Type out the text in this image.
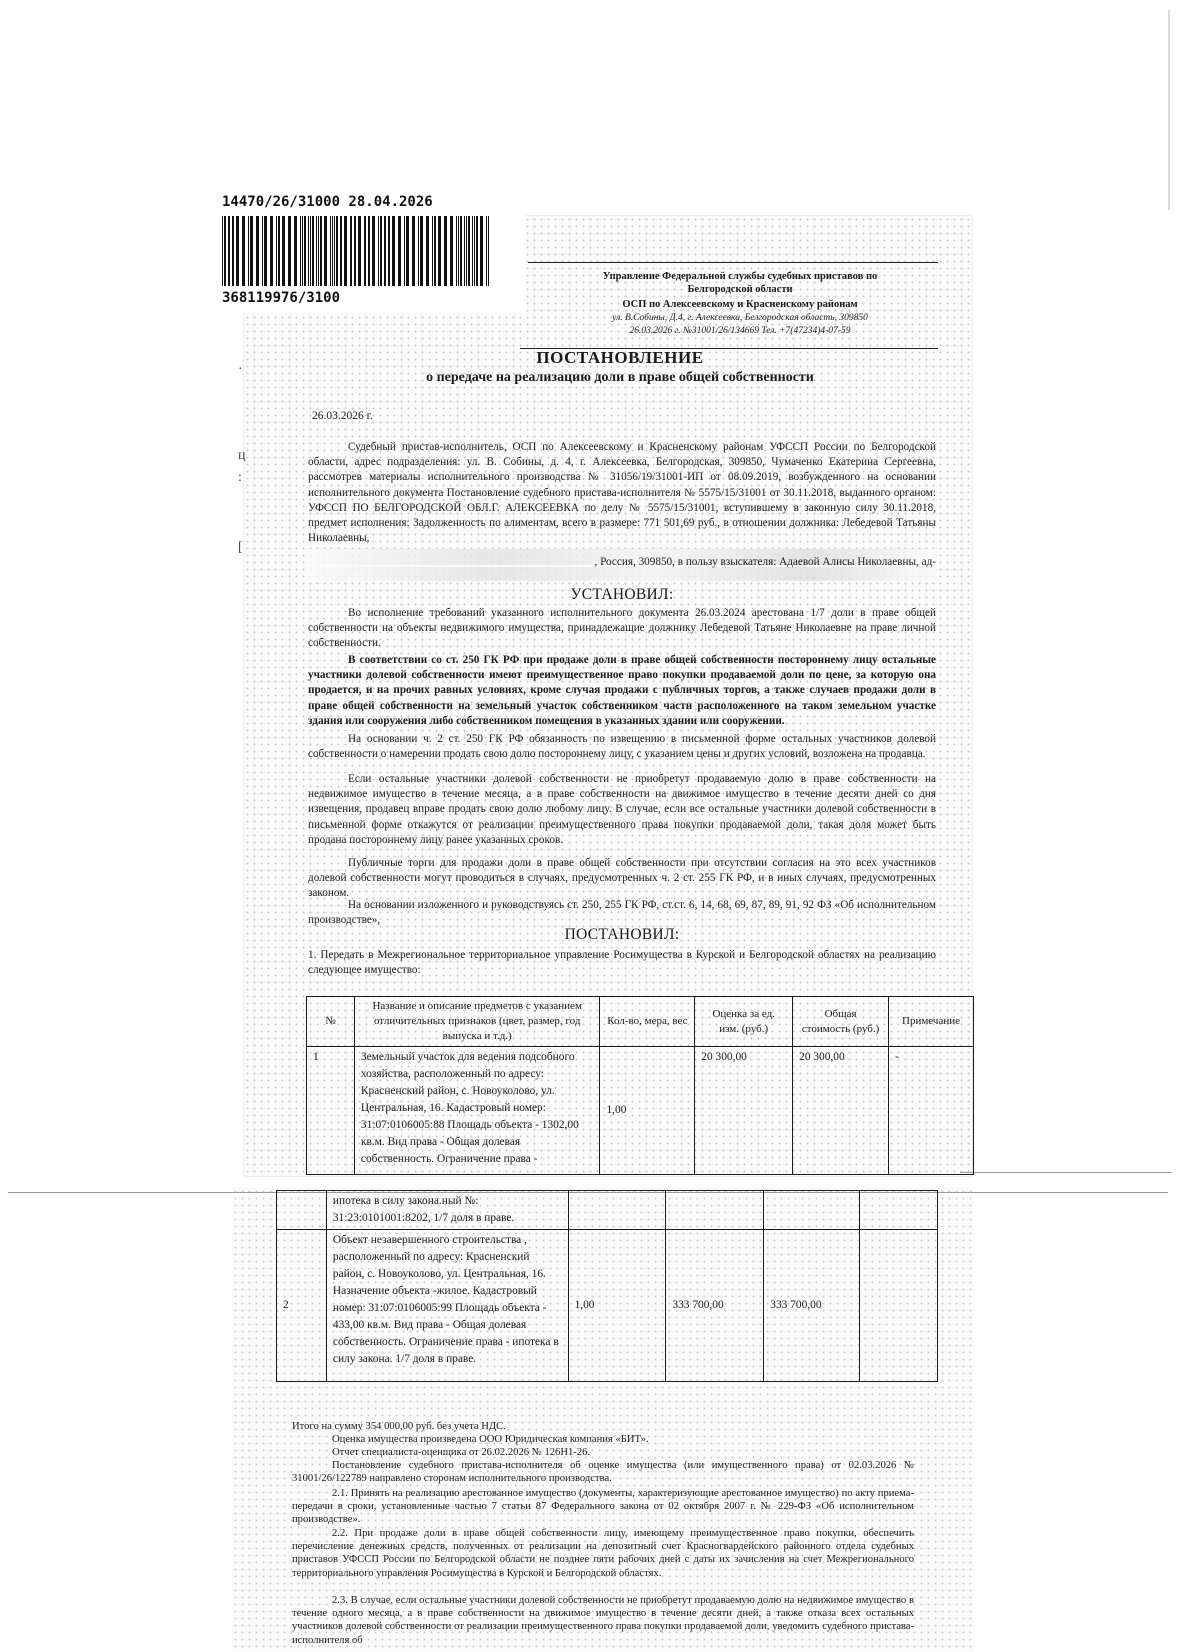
ц
:
[
·
14470/26/31000 28.04.2026
368119976/3100
Управление Федеральной службы судебных приставов по
Белгородской области
ОСП по Алексеевскому и Красненскому районам
ул. В.Собины, Д.4, г. Алексеевка, Белгородская область, 309850
26.03.2026 г. №31001/26/134669 Тел. +7(47234)4-07-59
ПОСТАНОВЛЕНИЕ
о передаче на реализацию доли в праве общей собственности
26.03.2026 г.

Судебный пристав-исполнитель, ОСП по Алексеевскому и Красненскому районам УФССП России по Белгородской области, адрес подразделения: ул. В. Собины, д. 4, г. Алексеевка, Белгородская, 309850, Чумаченко Екатерина Сергеевна, рассмотрев материалы исполнительного производства № 31056/19/31001-ИП от 08.09.2019, возбужденного на основании исполнительного документа Постановление судебного пристава-исполнителя № 5575/15/31001 от 30.11.2018, выданного органом: УФССП ПО БЕЛГОРОДСКОЙ ОБЛ.Г. АЛЕКСЕЕВКА по делу № 5575/15/31001, вступившему в законную силу 30.11.2018, предмет исполнения: Задолженность по алиментам, всего в размере: 771 501,69 руб., в отношении должника: Лебедевой Татьяны Николаевны,

, Россия, 309850, в пользу взыскателя: Адаевой Алисы Николаевны, ад-

УСТАНОВИЛ:

Во исполнение требований указанного исполнительного документа 26.03.2024 арестована 1/7 доли в праве общей собственности на объекты недвижимого имущества, принадлежащие должнику Лебедевой Татьяне Николаевне на праве личной собственности.

В соответствии со ст. 250 ГК РФ при продаже доли в праве общей собственности постороннему лицу остальные участники долевой собственности имеют преимущественное право покупки продаваемой доли по цене, за которую она продается, и на прочих равных условиях, кроме случая продажи с публичных торгов, а также случаев продажи доли в праве общей собственности на земельный участок собственником части расположенного на таком земельном участке здания или сооружения либо собственником помещения в указанных здании или сооружении.

На основании ч. 2 ст. 250 ГК РФ обязанность по извещению в письменной форме остальных участников долевой собственности о намерении продать свою долю постороннему лицу, с указанием цены и других условий, возложена на продавца.

Если остальные участники долевой собственности не приобретут продаваемую долю в праве собственности на недвижимое имущество в течение месяца, а в праве собственности на движимое имущество в течение десяти дней со дня извещения, продавец вправе продать свою долю любому лицу. В случае, если все остальные участники долевой собственности в письменной форме откажутся от реализации преимущественного права покупки продаваемой доли, такая доля может быть продана постороннему лицу ранее указанных сроков.

Публичные торги для продажи доли в праве общей собственности при отсутствии согласия на это всех участников долевой собственности могут проводиться в случаях, предусмотренных ч. 2 ст. 255 ГК РФ, и в иных случаях, предусмотренных законом.

На основании изложенного и руководствуясь ст. 250, 255 ГК РФ, ст.ст. 6, 14, 68, 69, 87, 89, 91, 92 ФЗ «Об исполнительном производстве»,

ПОСТАНОВИЛ:

1. Передать в Межрегиональное территориальное управление Росимущества в Курской и Белгородской областях на реализацию следующее имущество:

№	Название и описание предметов с указанием отличительных признаков (цвет, размер, год выпуска и т.д.)	Кол-во, мера, вес	Оценка за ед. изм. (руб.)	Общая стоимость (руб.)	Примечание
1	Земельный участок для ведения подсобного хозяйства, расположенный по адресу: Красненский район, с. Новоуколово, ул. Центральная, 16. Кадастровый номер: 31:07:0106005:88 Площадь объекта - 1302,00 кв.м. Вид права - Общая долевая собственность. Ограничение права -	1,00	20 300,00	20 300,00	-
	ипотека в силу закона.ный №: 31:23:0101001:8202, 1/7 доля в праве.				
2	Объект незавершенного строительства , расположенный по адресу: Красненский район, с. Новоуколово, ул. Центральная, 16. Назначение объекта -жилое. Кадастровый номер: 31:07:0106005:99 Площадь объекта - 433,00 кв.м. Вид права - Общая долевая собственность. Ограничение права - ипотека в силу закона. 1/7 доля в праве.	1,00	333 700,00	333 700,00	

Итого на сумму 354 000,00 руб. без учета НДС.

Оценка имущества произведена ООО Юридическая компания «БИТ».

Отчет специалиста-оценщика от 26.02.2026 № 126Н1-26.

Постановление судебного пристава-исполнителя об оценке имущества (или имущественного права) от 02.03.2026 № 31001/26/122789 направлено сторонам исполнительного производства.

2.1. Принять на реализацию арестованное имущество (документы, характеризующие арестованное имущество) по акту приема-передачи в сроки, установленные частью 7 статьи 87 Федерального закона от 02 октября 2007 г. № 229-ФЗ «Об исполнительном производстве».

2.2. При продаже доли в праве общей собственности лицу, имеющему преимущественное право покупки, обеспечить перечисление денежных средств, полученных от реализации на депозитный счет Красногвардейского районного отдела судебных приставов УФССП России по Белгородской области не позднее пяти рабочих дней с даты их зачисления на счет Межрегионального территориального управления Росимущества в Курской и Белгородской областях.

2.3. В случае, если остальные участники долевой собственности не приобретут продаваемую долю на недвижимое имущество в течение одного месяца, а в праве собственности на движимое имущество в течение десяти дней, а также отказа всех остальных участников долевой собственности от реализации преимущественного права покупки продаваемой доли, уведомить судебного пристава-исполнителя об
